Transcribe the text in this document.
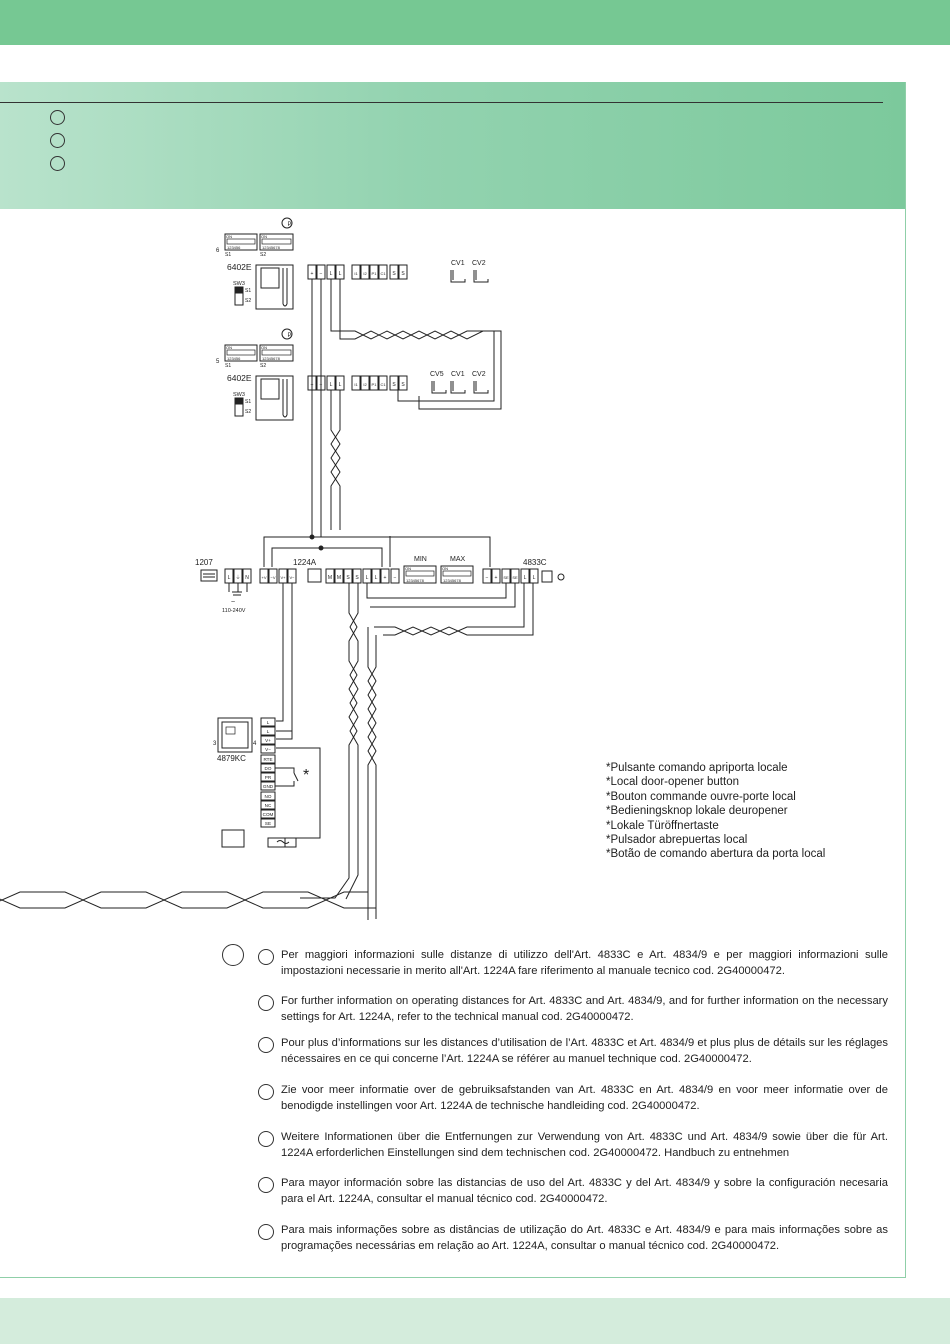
P
P
6
5
ON	ON
ON	ON
123456	12345678
123456	12345678
S1	S2
S1	S2
6402E
6402E
SW3
SW3
S1
S2
S1
S2
+ − L L	I1 I2 P1 C1 S S
+ − L L	I1 I2 P1 C1 S S
CV1 CV2
CV5 CV1 CV2
1207	1224A	MIN	MAX	4833C
ON	ON
12345678	12345678
~
110-240V
L ⏚ N	+V −V V+ V−	M M S S L L + −	− + SE SE L L
3	4
4879KC
L
L
V+
V−
RTE
DO
PR
GND
NO
NC
COM
SE
*	*Pulsante comando apriporta locale
*Local door-opener button
*Bouton commande ouvre-porte local
*Bedieningsknop lokale deuropener
*Lokale Türöffnertaste
*Pulsador abrepuertas local
*Botão de comando abertura da porta local
Per maggiori informazioni sulle distanze di utilizzo dell'Art. 4833C e Art. 4834/9 e per maggiori informazioni sulle impostazioni necessarie in merito all'Art. 1224A fare riferimento al manuale tecnico cod. 2G40000472.
For further information on operating distances for Art. 4833C and Art. 4834/9, and for further information on the necessary settings for Art. 1224A, refer to the technical manual cod. 2G40000472.
Pour plus d’informations sur les distances d’utilisation de l’Art. 4833C et Art. 4834/9 et plus plus de détails sur les réglages nécessaires en ce qui concerne l’Art. 1224A se référer au manuel technique cod. 2G40000472.
Zie voor meer informatie over de gebruiksafstanden van Art. 4833C en Art. 4834/9 en voor meer informatie over de benodigde instellingen voor Art. 1224A de technische handleiding cod. 2G40000472.
Weitere Informationen über die Entfernungen zur Verwendung von Art. 4833C und Art. 4834/9 sowie über die für Art. 1224A erforderlichen Einstellungen sind dem technischen cod. 2G40000472. Handbuch zu entnehmen
Para mayor información sobre las distancias de uso del Art. 4833C y del Art. 4834/9 y sobre la configuración necesaria para el Art. 1224A, consultar el manual técnico cod. 2G40000472.
Para mais informações sobre as distâncias de utilização do Art. 4833C e Art. 4834/9 e para mais informações sobre as programações necessárias em relação ao Art. 1224A, consultar o manual técnico cod. 2G40000472.
